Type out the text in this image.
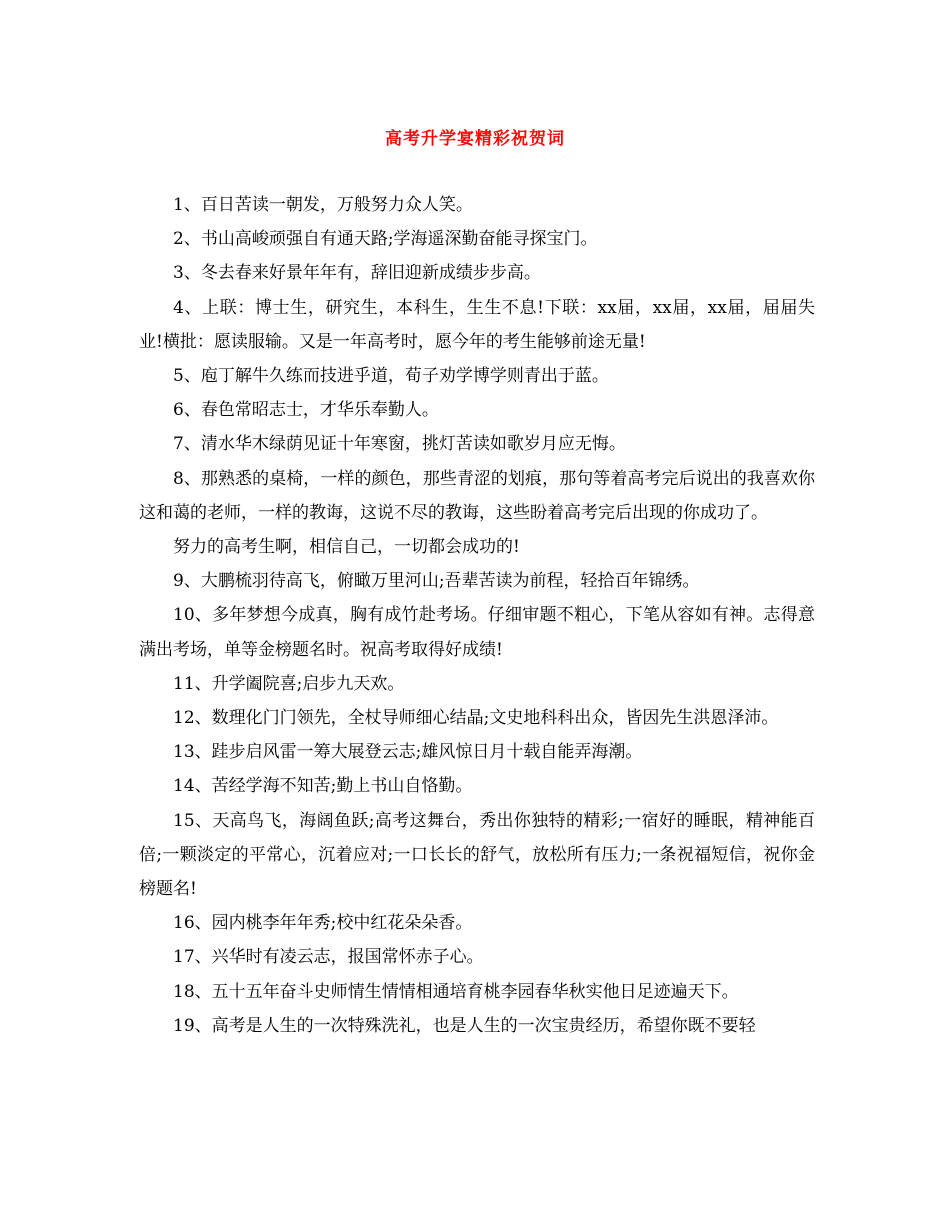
高考升学宴精彩祝贺词

1、百日苦读一朝发，万般努力众人笑。

2、书山高峻顽强自有通天路;学海遥深勤奋能寻探宝门。

3、冬去春来好景年年有，辞旧迎新成绩步步高。

4、上联：博士生，研究生，本科生，生生不息!下联：xx届，xx届，xx届，届届失业!横批：愿读服输。又是一年高考时，愿今年的考生能够前途无量!

5、庖丁解牛久练而技进乎道，荀子劝学博学则青出于蓝。

6、春色常昭志士，才华乐奉勤人。

7、清水华木绿荫见证十年寒窗，挑灯苦读如歌岁月应无悔。

8、那熟悉的桌椅，一样的颜色，那些青涩的划痕，那句等着高考完后说出的我喜欢你这和蔼的老师，一样的教诲，这说不尽的教诲，这些盼着高考完后出现的你成功了。

努力的高考生啊，相信自己，一切都会成功的!

9、大鹏梳羽待高飞，俯瞰万里河山;吾辈苦读为前程，轻拾百年锦绣。

10、多年梦想今成真，胸有成竹赴考场。仔细审题不粗心，下笔从容如有神。志得意满出考场，单等金榜题名时。祝高考取得好成绩!

11、升学阖院喜;启步九天欢。

12、数理化门门领先，全杖导师细心结晶;文史地科科出众，皆因先生洪恩泽沛。

13、跬步启风雷一筹大展登云志;雄风惊日月十载自能弄海潮。

14、苦经学海不知苦;勤上书山自恪勤。

15、天高鸟飞，海阔鱼跃;高考这舞台，秀出你独特的精彩;一宿好的睡眠，精神能百倍;一颗淡定的平常心，沉着应对;一口长长的舒气，放松所有压力;一条祝福短信，祝你金榜题名!

16、园内桃李年年秀;校中红花朵朵香。

17、兴华时有凌云志，报国常怀赤子心。

18、五十五年奋斗史师情生情情相通培育桃李园春华秋实他日足迹遍天下。

19、高考是人生的一次特殊洗礼，也是人生的一次宝贵经历，希望你既不要轻
